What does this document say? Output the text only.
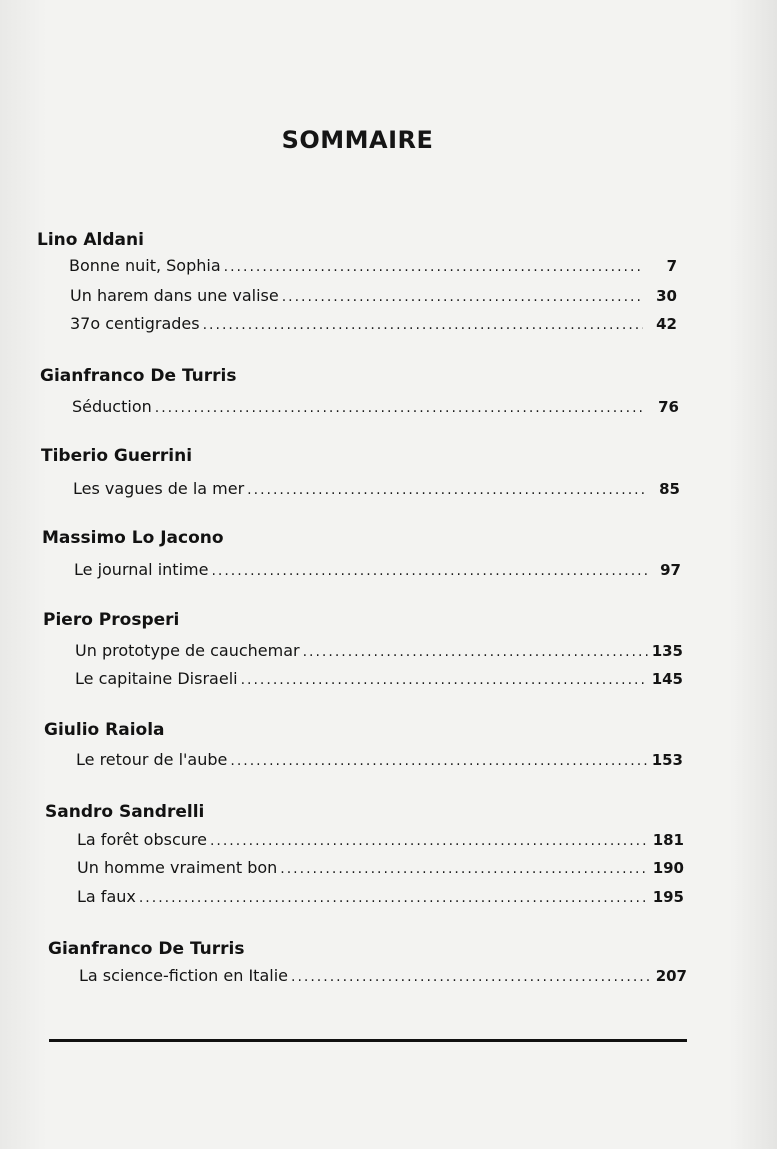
SOMMAIRE
Lino Aldani
Bonne nuit, Sophia .....	7
Un harem dans une valise .....	30
37o centigrades .....	42
Gianfranco De Turris
Séduction .....	76
Tiberio Guerrini
Les vagues de la mer .....	85
Massimo Lo Jacono
Le journal intime .....	97
Piero Prosperi
Un prototype de cauchemar .....	135
Le capitaine Disraeli .....	145
Giulio Raiola
Le retour de l'aube .....	153
Sandro Sandrelli
La forêt obscure .....	181
Un homme vraiment bon .....	190
La faux .....	195
Gianfranco De Turris
La science-fiction en Italie .....	207
